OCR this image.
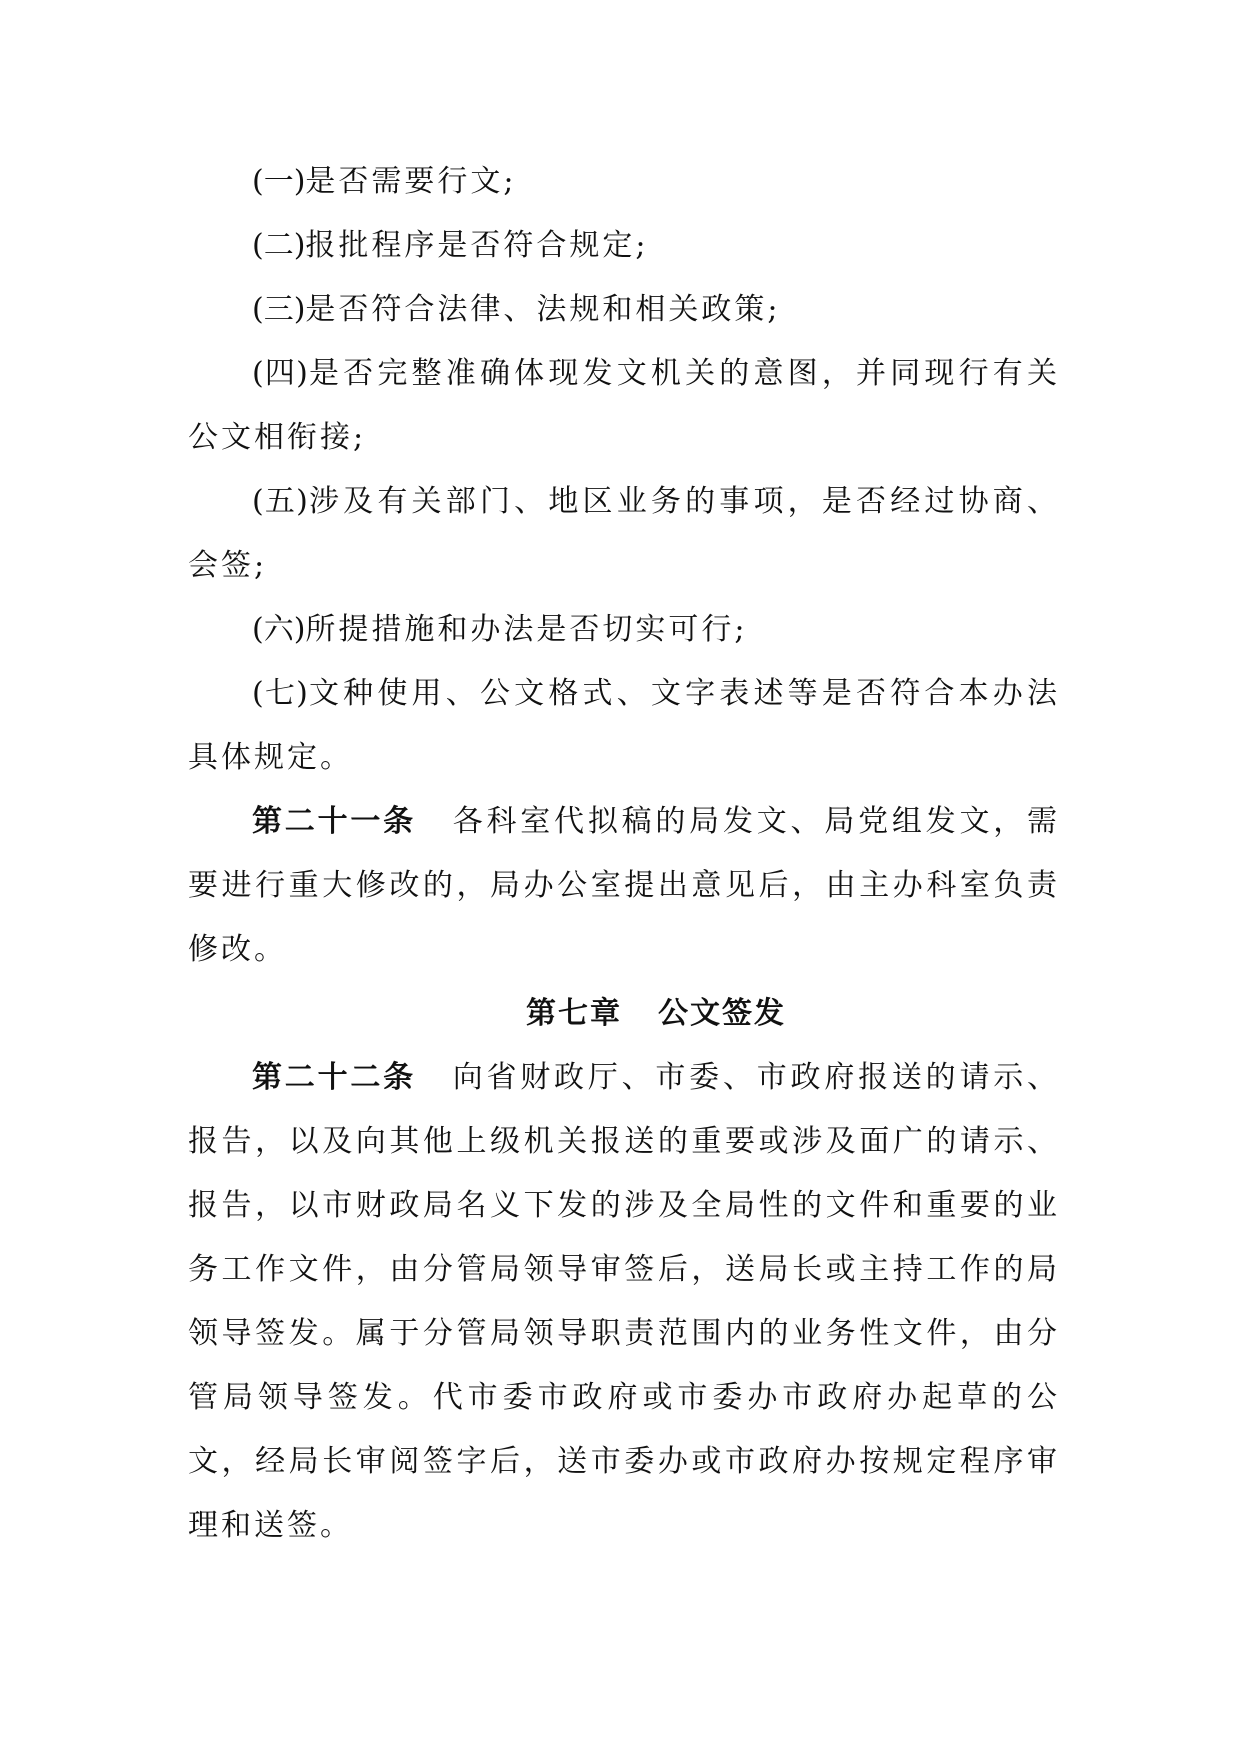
(一)是否需要行文;

(二)报批程序是否符合规定;

(三)是否符合法律、法规和相关政策;

(四)是否完整准确体现发文机关的意图，并同现行有关公文相衔接;

(五)涉及有关部门、地区业务的事项，是否经过协商、会签;

(六)所提措施和办法是否切实可行;

(七)文种使用、公文格式、文字表述等是否符合本办法具体规定。

第二十一条 各科室代拟稿的局发文、局党组发文，需要进行重大修改的，局办公室提出意见后，由主办科室负责修改。

第七章 公文签发

第二十二条 向省财政厅、市委、市政府报送的请示、报告，以及向其他上级机关报送的重要或涉及面广的请示、报告，以市财政局名义下发的涉及全局性的文件和重要的业务工作文件，由分管局领导审签后，送局长或主持工作的局领导签发。属于分管局领导职责范围内的业务性文件，由分管局领导签发。代市委市政府或市委办市政府办起草的公文，经局长审阅签字后，送市委办或市政府办按规定程序审理和送签。
